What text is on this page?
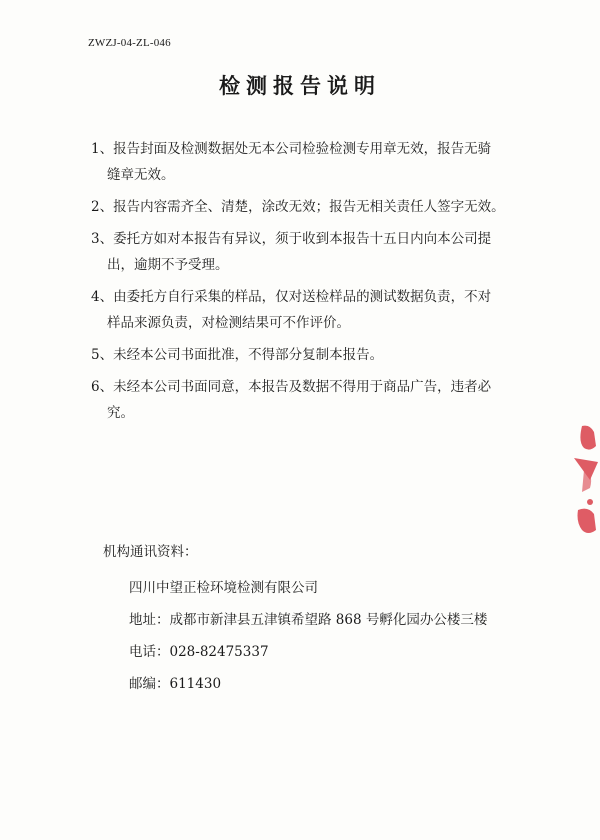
ZWZJ-04-ZL-046
检测报告说明
1、报告封面及检测数据处无本公司检验检测专用章无效，报告无骑
缝章无效。
2、报告内容需齐全、清楚，涂改无效；报告无相关责任人签字无效。
3、委托方如对本报告有异议，须于收到本报告十五日内向本公司提
出，逾期不予受理。
4、由委托方自行采集的样品，仅对送检样品的测试数据负责，不对
样品来源负责，对检测结果可不作评价。
5、未经本公司书面批准，不得部分复制本报告。
6、未经本公司书面同意，本报告及数据不得用于商品广告，违者必
究。

机构通讯资料：

四川中望正检环境检测有限公司
地址：成都市新津县五津镇希望路 868 号孵化园办公楼三楼
电话：028-82475337
邮编：611430
